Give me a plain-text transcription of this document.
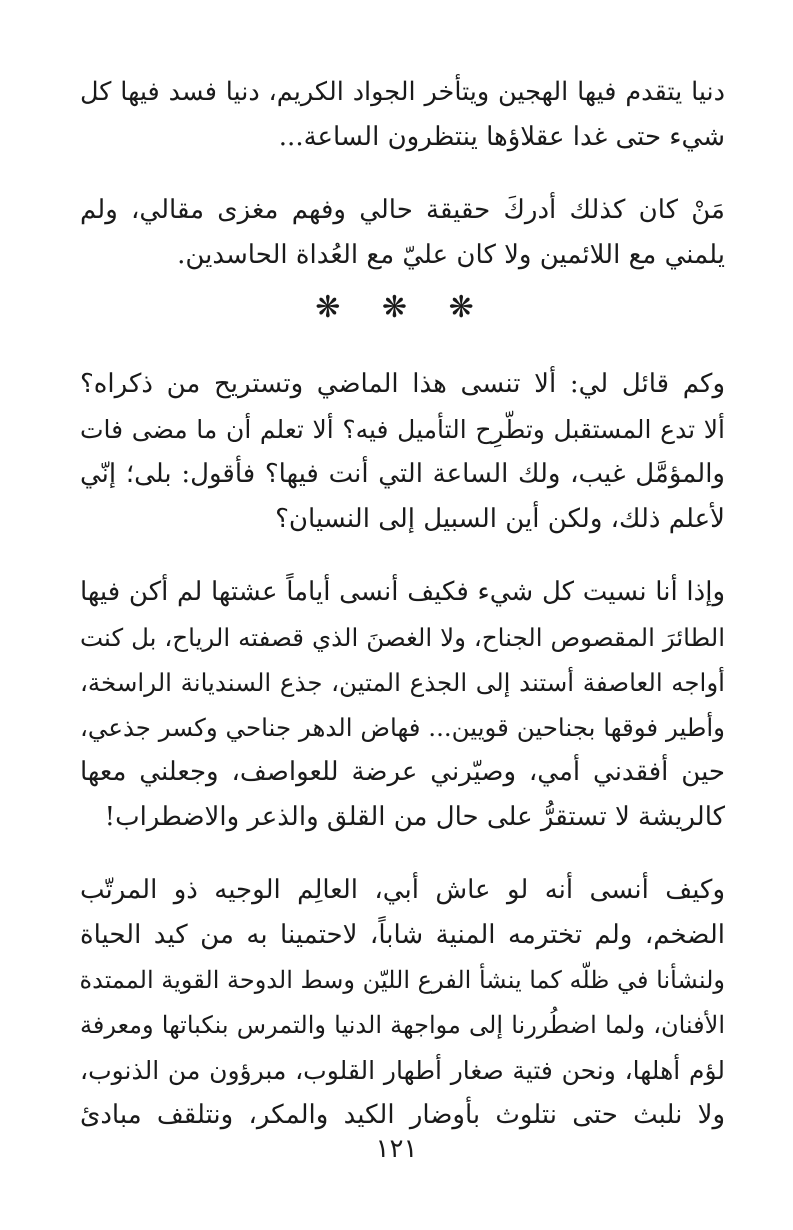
دنيا يتقدم فيها الهجين ويتأخر الجواد الكريم، دنيا فسد فيها كل
شيء حتى غدا عقلاؤها ينتظرون الساعة...

مَنْ كان كذلك أدركَ حقيقة حالي وفهم مغزى مقالي، ولم
يلمني مع اللائمين ولا كان عليّ مع العُداة الحاسدين.

❋ ❋ ❋

وكم قائل لي: ألا تنسى هذا الماضي وتستريح من ذكراه؟
ألا تدع المستقبل وتطّرِح التأميل فيه؟ ألا تعلم أن ما مضى فات
والمؤمَّل غيب، ولك الساعة التي أنت فيها؟ فأقول: بلى؛ إنّي
لأعلم ذلك، ولكن أين السبيل إلى النسيان؟

وإذا أنا نسيت كل شيء فكيف أنسى أياماً عشتها لم أكن فيها
الطائرَ المقصوص الجناح، ولا الغصنَ الذي قصفته الرياح، بل كنت
أواجه العاصفة أستند إلى الجذع المتين، جذع السنديانة الراسخة،
وأطير فوقها بجناحين قويين... فهاض الدهر جناحي وكسر جذعي،
حين أفقدني أمي، وصيّرني عرضة للعواصف، وجعلني معها
كالريشة لا تستقرُّ على حال من القلق والذعر والاضطراب!

وكيف أنسى أنه لو عاش أبي، العالِم الوجيه ذو المرتّب
الضخم، ولم تخترمه المنية شاباً، لاحتمينا به من كيد الحياة
ولنشأنا في ظلّه كما ينشأ الفرع الليّن وسط الدوحة القوية الممتدة
الأفنان، ولما اضطُررنا إلى مواجهة الدنيا والتمرس بنكباتها ومعرفة
لؤم أهلها، ونحن فتية صغار أطهار القلوب، مبرؤون من الذنوب،
ولا نلبث حتى نتلوث بأوضار الكيد والمكر، ونتلقف مبادئ

١٢١
